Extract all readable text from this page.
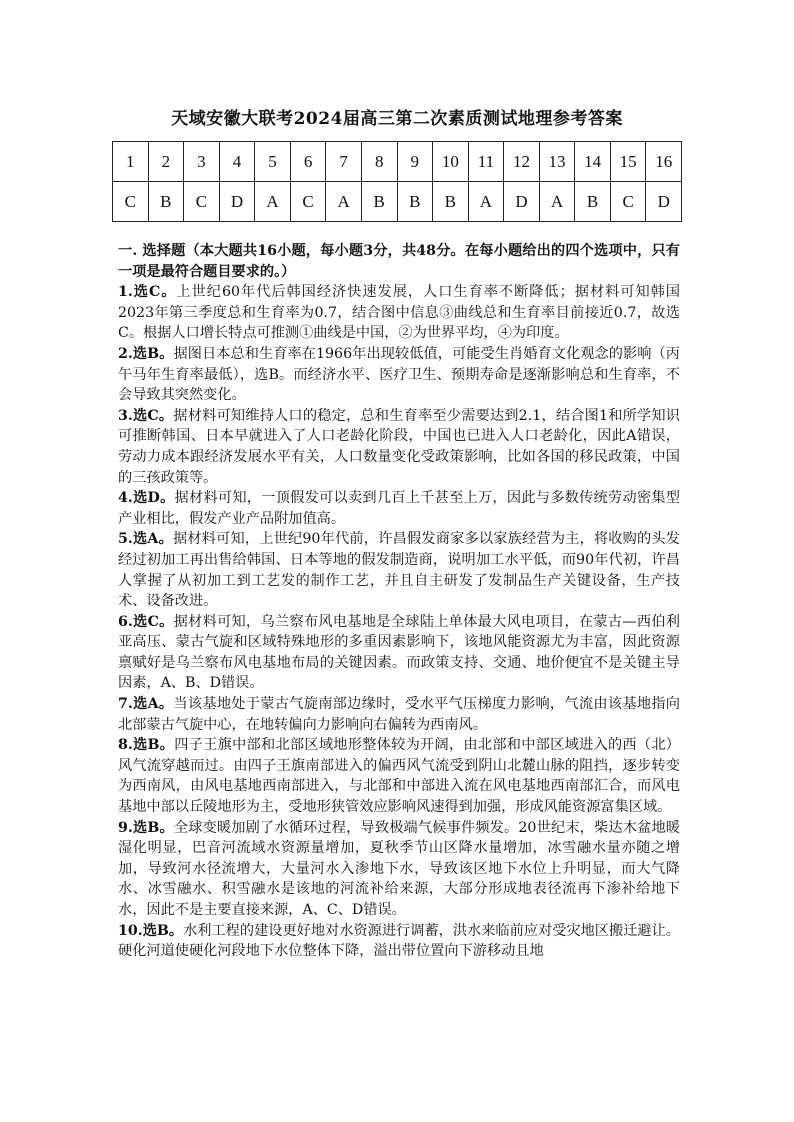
天域安徽大联考2024届高三第二次素质测试地理参考答案
1	2	3	4	5	6	7	8	9	10	11	12	13	14	15	16
C	B	C	D	A	C	A	B	B	B	A	D	A	B	C	D

一. 选择题（本大题共16小题，每小题3分，共48分。在每小题给出的四个选项中，只有一项是最符合题目要求的。）

1.选C。上世纪60年代后韩国经济快速发展，人口生育率不断降低；据材料可知韩国2023年第三季度总和生育率为0.7，结合图中信息③曲线总和生育率目前接近0.7，故选C。根据人口增长特点可推测①曲线是中国，②为世界平均，④为印度。

2.选B。据图日本总和生育率在1966年出现较低值，可能受生肖婚育文化观念的影响（丙午马年生育率最低），选B。而经济水平、医疗卫生、预期寿命是逐渐影响总和生育率，不会导致其突然变化。

3.选C。据材料可知维持人口的稳定，总和生育率至少需要达到2.1，结合图1和所学知识可推断韩国、日本早就进入了人口老龄化阶段，中国也已进入人口老龄化，因此A错误，劳动力成本跟经济发展水平有关，人口数量变化受政策影响，比如各国的移民政策，中国的三孩政策等。

4.选D。据材料可知，一顶假发可以卖到几百上千甚至上万，因此与多数传统劳动密集型产业相比，假发产业产品附加值高。

5.选A。据材料可知，上世纪90年代前，许昌假发商家多以家族经营为主，将收购的头发经过初加工再出售给韩国、日本等地的假发制造商，说明加工水平低，而90年代初，许昌人掌握了从初加工到工艺发的制作工艺，并且自主研发了发制品生产关键设备，生产技术、设备改进。

6.选C。据材料可知，乌兰察布风电基地是全球陆上单体最大风电项目，在蒙古—西伯利亚高压、蒙古气旋和区域特殊地形的多重因素影响下，该地风能资源尤为丰富，因此资源禀赋好是乌兰察布风电基地布局的关键因素。而政策支持、交通、地价便宜不是关键主导因素，A、B、D错误。

7.选A。当该基地处于蒙古气旋南部边缘时，受水平气压梯度力影响，气流由该基地指向北部蒙古气旋中心，在地转偏向力影响向右偏转为西南风。

8.选B。四子王旗中部和北部区域地形整体较为开阔，由北部和中部区域进入的西（北）风气流穿越而过。由四子王旗南部进入的偏西风气流受到阴山北麓山脉的阻挡，逐步转变为西南风，由风电基地西南部进入，与北部和中部进入流在风电基地西南部汇合，而风电基地中部以丘陵地形为主，受地形狭管效应影响风速得到加强，形成风能资源富集区域。

9.选B。全球变暖加剧了水循环过程，导致极端气候事件频发。20世纪末，柴达木盆地暖湿化明显，巴音河流域水资源量增加，夏秋季节山区降水量增加，冰雪融水量亦随之增加，导致河水径流增大，大量河水入渗地下水，导致该区地下水位上升明显，而大气降水、冰雪融水、积雪融水是该地的河流补给来源，大部分形成地表径流再下渗补给地下水，因此不是主要直接来源，A、C、D错误。

10.选B。水利工程的建设更好地对水资源进行调蓄，洪水来临前应对受灾地区搬迁避让。硬化河道使硬化河段地下水位整体下降，溢出带位置向下游移动且地
